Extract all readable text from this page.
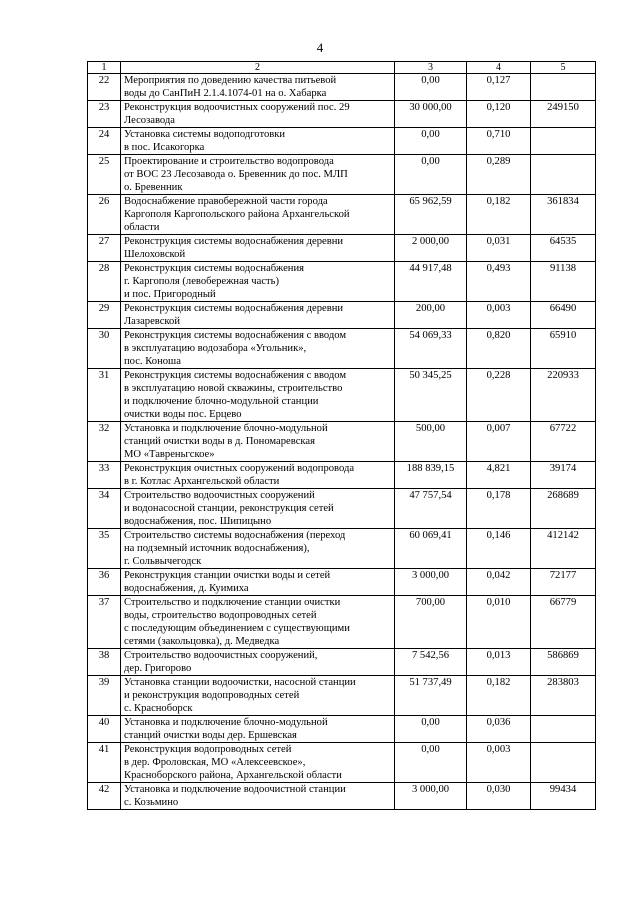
4
1	2	3	4	5
22	Мероприятия по доведению качества питьевой
воды до СанПиН 2.1.4.1074-01 на о. Хабарка	0,00	0,127	
23	Реконструкция водоочистных сооружений пос. 29
Лесозавода	30 000,00	0,120	249150
24	Установка системы водоподготовки
в пос. Исакогорка	0,00	0,710	
25	Проектирование и строительство водопровода
от ВОС 23 Лесозавода о. Бревенник до пос. МЛП
о. Бревенник	0,00	0,289	
26	Водоснабжение правобережной части города
Каргополя Каргопольского района Архангельской
области	65 962,59	0,182	361834
27	Реконструкция системы водоснабжения деревни
Шелоховской	2 000,00	0,031	64535
28	Реконструкция системы водоснабжения
г. Каргополя (левобережная часть)
и пос. Пригородный	44 917,48	0,493	91138
29	Реконструкция системы водоснабжения деревни
Лазаревской	200,00	0,003	66490
30	Реконструкция системы водоснабжения с вводом
в эксплуатацию водозабора «Угольник»,
пос. Коноша	54 069,33	0,820	65910
31	Реконструкция системы водоснабжения с вводом
в эксплуатацию новой скважины, строительство
и подключение блочно-модульной станции
очистки воды пос. Ерцево	50 345,25	0,228	220933
32	Установка и подключение блочно-модульной
станций очистки воды в д. Пономаревская
МО «Тавреньгское»	500,00	0,007	67722
33	Реконструкция очистных сооружений водопровода
в г. Котлас Архангельской области	188 839,15	4,821	39174
34	Строительство водоочистных сооружений
и водонасосной станции, реконструкция сетей
водоснабжения, пос. Шипицыно	47 757,54	0,178	268689
35	Строительство системы водоснабжения (переход
на подземный источник водоснабжения),
г. Сольвычегодск	60 069,41	0,146	412142
36	Реконструкция станции очистки воды и сетей
водоснабжения, д. Куимиха	3 000,00	0,042	72177
37	Строительство и подключение станции очистки
воды, строительство водопроводных сетей
с последующим объединением с существующими
сетями (закольцовка), д. Медведка	700,00	0,010	66779
38	Строительство водоочистных сооружений,
дер. Григорово	7 542,56	0,013	586869
39	Установка станции водоочистки, насосной станции
и реконструкция водопроводных сетей
с. Красноборск	51 737,49	0,182	283803
40	Установка и подключение блочно-модульной
станций очистки воды дер. Ершевская	0,00	0,036	
41	Реконструкция водопроводных сетей
в дер. Фроловская, МО «Алексеевское»,
Красноборского района, Архангельской области	0,00	0,003	
42	Установка и подключение водоочистной станции
с. Козьмино	3 000,00	0,030	99434
